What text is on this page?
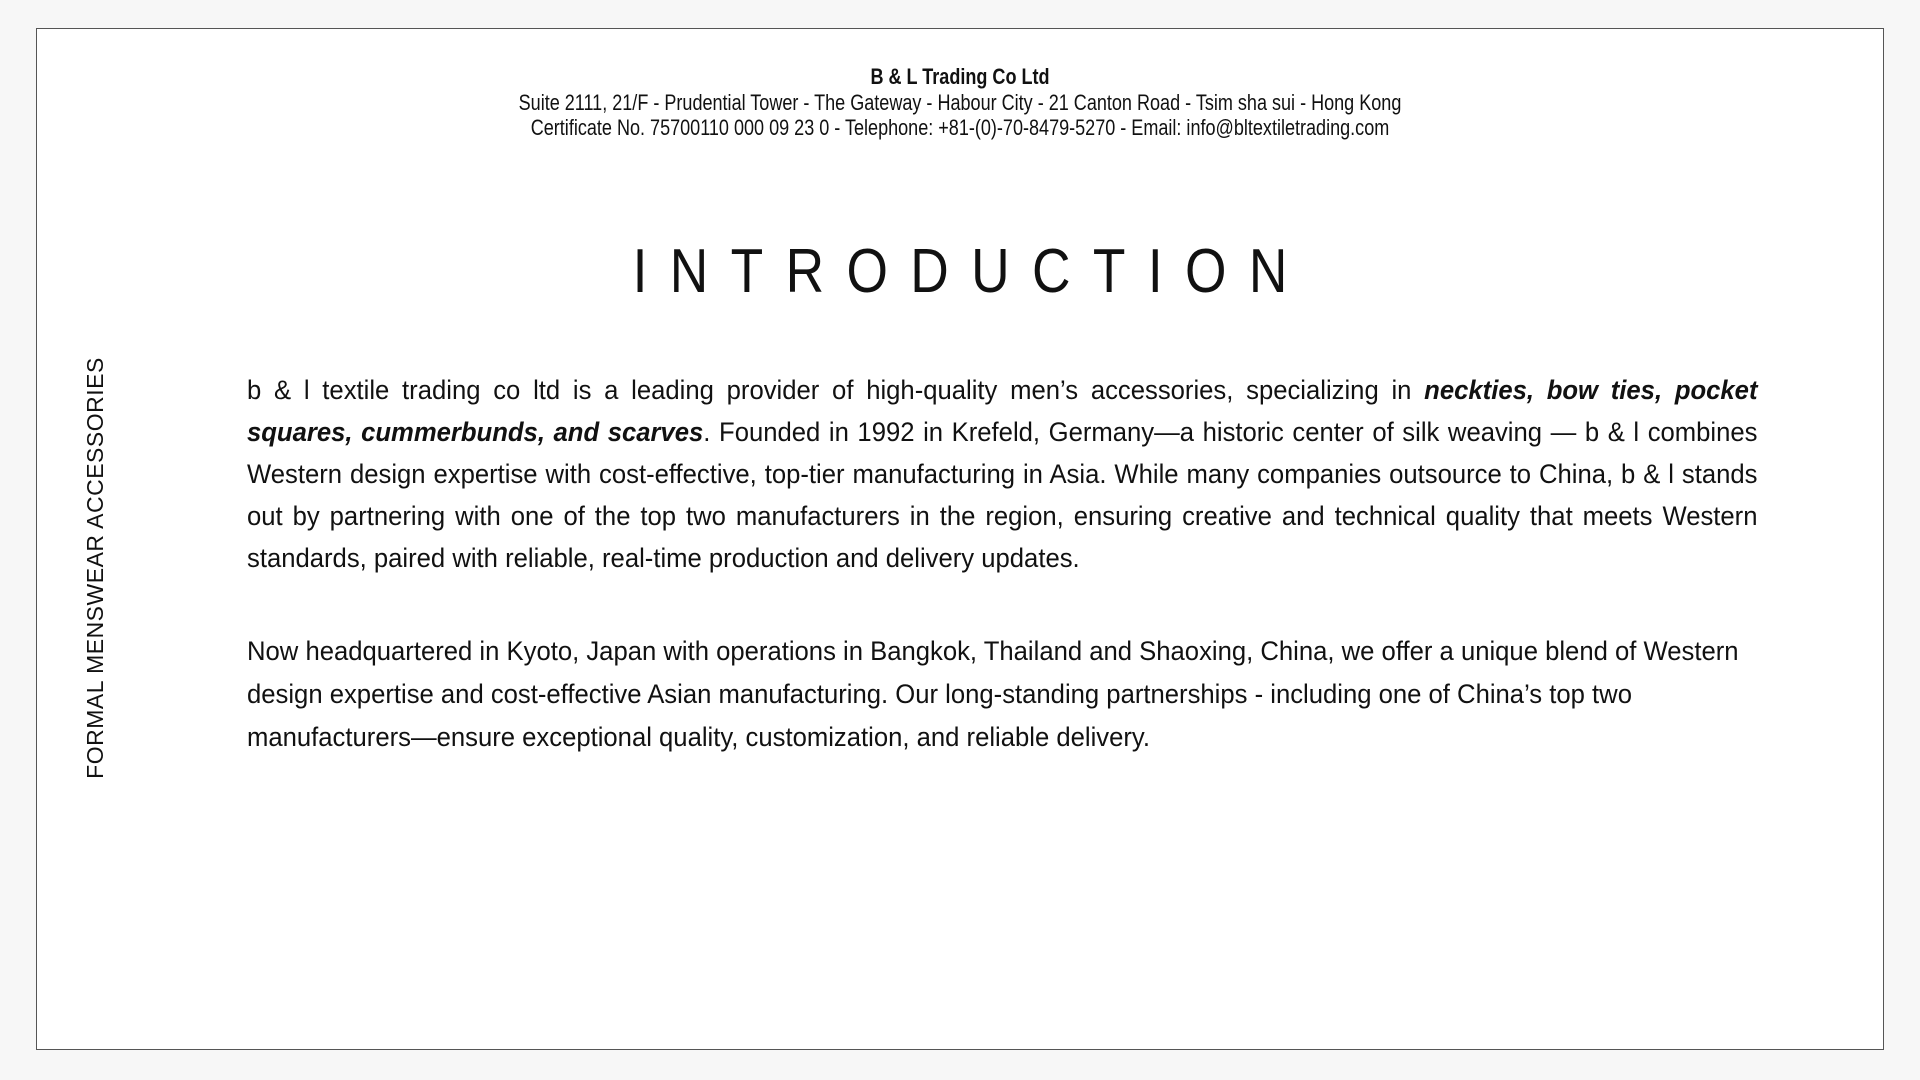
FORMAL MENSWEAR ACCESSORIES
B & L Trading Co Ltd
Suite 2111, 21/F - Prudential Tower - The Gateway - Habour City - 21 Canton Road - Tsim sha sui - Hong Kong
Certificate No. 75700110 000 09 23 0 - Telephone: +81-(0)-70-8479-5270 - Email: info@bltextiletrading.com
INTRODUCTION

b & l textile trading co ltd is a leading provider of high-quality men’s accessories, specializing in neckties, bow ties, pocket squares, cummerbunds, and scarves. Founded in 1992 in Krefeld, Germany—a historic center of silk weaving — b & l combines Western design expertise with cost-effective, top-tier manufacturing in Asia. While many companies outsource to China, b & l stands out by partnering with one of the top two manufacturers in the region, ensuring creative and technical quality that meets Western standards, paired with reliable, real-time production and delivery updates.

Now headquartered in Kyoto, Japan with operations in Bangkok, Thailand and Shaoxing, China, we offer a unique blend of Western design expertise and cost-effective Asian manufacturing. Our long-standing partnerships - including one of China’s top two manufacturers—ensure exceptional quality, customization, and reliable delivery.
